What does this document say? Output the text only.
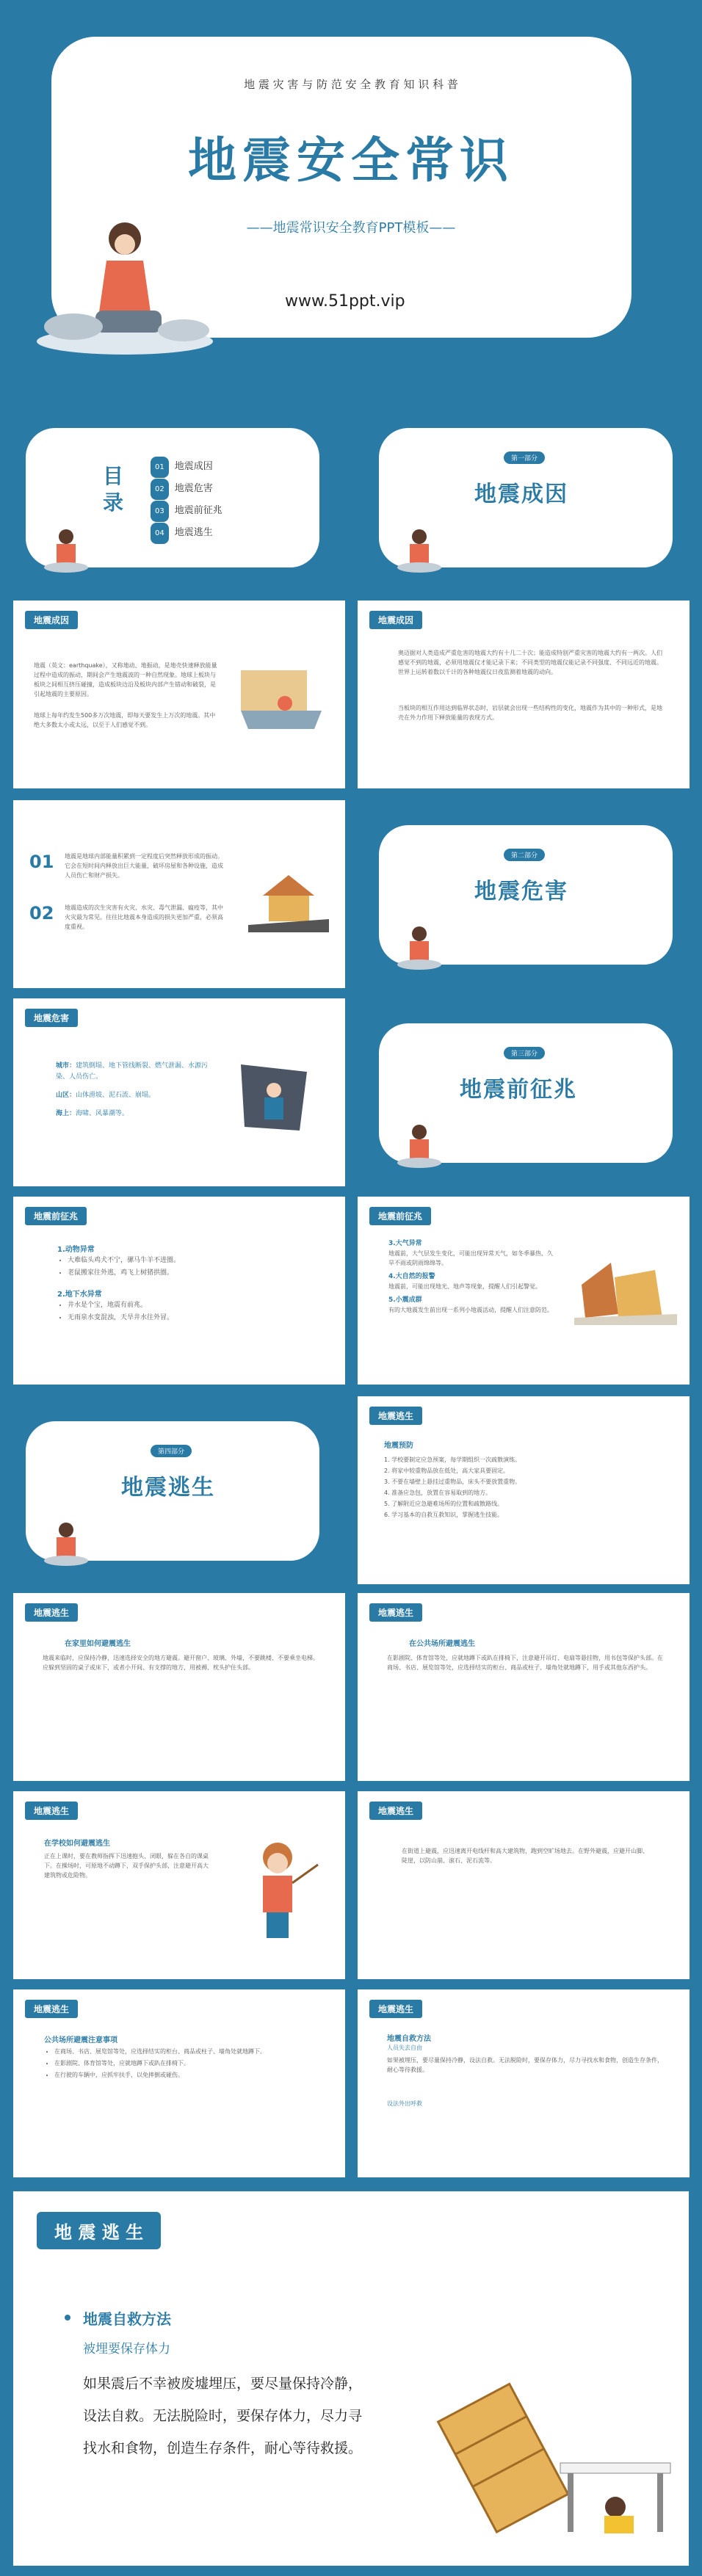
地 震 灾 害 与 防 范 安 全 教 育 知 识 科 普
地震安全常识
——地震常识安全教育PPT模板——
www.51ppt.vip
目录
01 地震成因
02 地震危害
03 地震前征兆
04 地震逃生
第一部分
地震成因
地震成因
地震（英文：earthquake），又称地动、地振动，是地壳快速释放能量过程中造成的振动，期间会产生地震波的一种自然现象。地球上板块与板块之间相互挤压碰撞，造成板块边沿及板块内部产生错动和破裂，是引起地震的主要原因。
地球上每年约发生500多万次地震，即每天要发生上万次的地震。其中绝大多数太小或太远，以至于人们感觉不到。
地震成因
奥迈据对人类造成严重危害的地震大约有十几二十次；能造成特别严重灾害的地震大约有一两次。人们感觉不到的地震，必须用地震仪才能记录下来；不同类型的地震仪能记录不同强度、不同远近的地震。世界上运转着数以千计的各种地震仪日夜监测着地震的动向。
当板块的相互作用达到临界状态时，岩层就会出现一些结构性的变化，地震作为其中的一种形式，是地壳在外力作用下释放能量的表现方式。
01 地震是地球内部能量积累到一定程度后突然释放形成的振动。它会在短时间内释放出巨大能量，破坏房屋和各种设施，造成人员伤亡和财产损失。
02 地震造成的次生灾害有火灾、水灾、毒气泄漏、瘟疫等，其中火灾最为常见。往往比地震本身造成的损失更加严重，必须高度重视。
第二部分
地震危害
地震危害
城市：建筑倒塌、地下管线断裂、燃气泄漏、水源污染、人员伤亡。
山区：山体滑坡、泥石流、崩塌。
海上：海啸、风暴潮等。
第三部分
地震前征兆
地震前征兆
1.动物异常
• 大难临头鸡犬不宁，骡马牛羊不进圈。
• 老鼠搬家往外逃，鸡飞上树猪拱圈。
2.地下水异常
• 井水是个宝，地震有前兆。
• 无雨泉水变混浊，天旱井水往外冒。
地震前征兆
3.大气异常
地震前，大气层发生变化，可能出现异常天气，如冬季暴热、久旱不雨或阴雨绵绵等。
4.大自然的报警
地震前，可能出现地光、地声等现象，提醒人们引起警觉。
5.小震成群
有的大地震发生前出现一系列小地震活动，提醒人们注意防范。
第四部分
地震逃生
地震逃生
地震预防
1. 学校要制定应急预案，每学期组织一次疏散演练。
2. 将家中较重物品放在低处，高大家具要固定。
3. 不要在墙壁上悬挂过重物品，床头不要放置重物。
4. 准备应急包，放置在容易取到的地方。
5. 了解附近应急避难场所的位置和疏散路线。
6. 学习基本的自救互救知识，掌握逃生技能。
地震逃生
在家里如何避震逃生
地震来临时，应保持冷静，迅速选择安全的地方避震。避开窗户、玻璃、外墙，不要跳楼、不要乘坐电梯。应躲到坚固的桌子或床下，或者小开间、有支撑的地方，用被褥、枕头护住头部。
地震逃生
在公共场所避震逃生
在影剧院、体育馆等处，应就地蹲下或趴在排椅下，注意避开吊灯、电扇等悬挂物，用书包等保护头部。在商场、书店、展览馆等处，应选择结实的柜台、商品或柱子、墙角处就地蹲下，用手或其他东西护头。
地震逃生
在学校如何避震逃生
正在上课时，要在教师指挥下迅速抱头、闭眼，躲在各自的课桌下。在操场时，可原地不动蹲下，双手保护头部，注意避开高大建筑物或危险物。
地震逃生
在街道上避震，应迅速离开电线杆和高大建筑物，跑到空旷场地去。在野外避震，应避开山脚、陡崖，以防山崩、滚石、泥石流等。
地震逃生
公共场所避震注意事项
• 在商场、书店、展览馆等处，应选择结实的柜台、商品或柱子、墙角处就地蹲下。
• 在影剧院、体育馆等处，应就地蹲下或趴在排椅下。
• 在行驶的车辆中，应抓牢扶手，以免摔倒或碰伤。
地震逃生
地震自救方法
人员失去自由
如果被埋压，要尽量保持冷静，设法自救。无法脱险时，要保存体力，尽力寻找水和食物，创造生存条件，耐心等待救援。
设法外出呼救
地 震 逃 生
地震自救方法
被埋要保存体力
如果震后不幸被废墟埋压，要尽量保持冷静，
设法自救。无法脱险时，要保存体力，尽力寻
找水和食物，创造生存条件，耐心等待救援。
